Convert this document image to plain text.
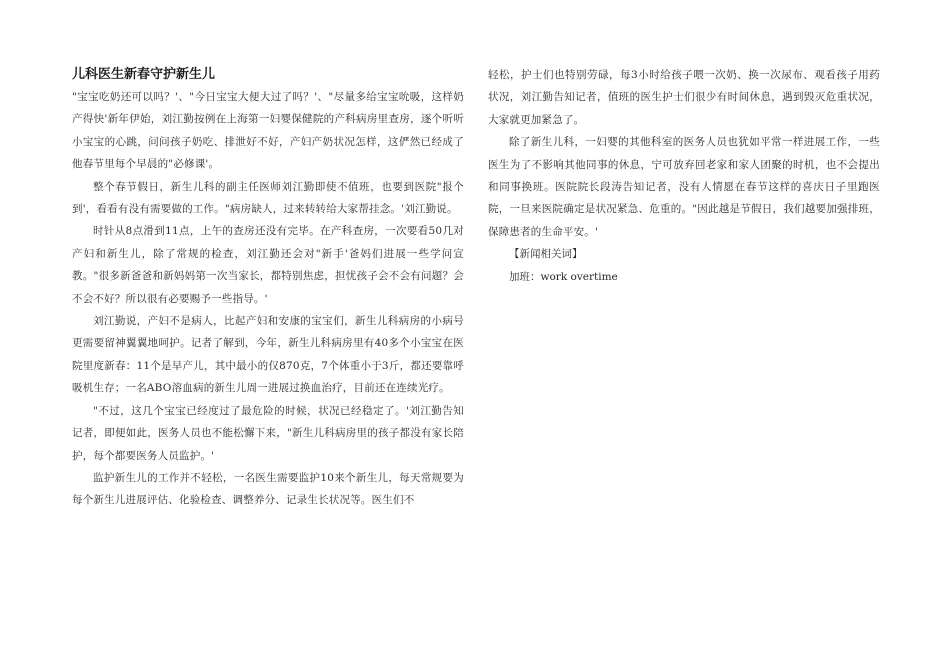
儿科医生新春守护新生儿

"宝宝吃奶还可以吗？'、"今日宝宝大便大过了吗？'、"尽量多给宝宝吮吸，这样奶产得快'新年伊始，刘江勤按例在上海第一妇婴保健院的产科病房里查房，逐个听听小宝宝的心跳，问问孩子奶吃、排泄好不好，产妇产奶状况怎样，这俨然已经成了他春节里每个早晨的"必修课'。

整个春节假日，新生儿科的副主任医师刘江勤即使不值班，也要到医院"报个到'，看看有没有需要做的工作。"病房缺人，过来转转给大家帮挂念。'刘江勤说。

时针从8点滑到11点，上午的查房还没有完毕。在产科查房，一次要看50几对产妇和新生儿，除了常规的检查，刘江勤还会对"新手'爸妈们进展一些学问宣教。"很多新爸爸和新妈妈第一次当家长，都特别焦虑，担忧孩子会不会有问题？会不会不好？所以很有必要赐予一些指导。'

刘江勤说，产妇不是病人，比起产妇和安康的宝宝们，新生儿科病房的小病号更需要留神翼翼地呵护。记者了解到，今年，新生儿科病房里有40多个小宝宝在医院里度新春：11个是早产儿，其中最小的仅870克，7个体重小于3斤，都还要靠呼吸机生存；一名ABO溶血病的新生儿周一进展过换血治疗，目前还在连续光疗。

"不过，这几个宝宝已经度过了最危险的时候，状况已经稳定了。'刘江勤告知记者，即便如此，医务人员也不能松懈下来，"新生儿科病房里的孩子都没有家长陪护，每个都要医务人员监护。'

监护新生儿的工作并不轻松，一名医生需要监护10来个新生儿，每天常规要为每个新生儿进展评估、化验检查、调整养分、记录生长状况等。医生们不

轻松，护士们也特别劳碌，每3小时给孩子喂一次奶、换一次尿布、观看孩子用药状况，刘江勤告知记者，值班的医生护士们很少有时间休息，遇到毁灭危重状况，大家就更加紧急了。

除了新生儿科，一妇婴的其他科室的医务人员也犹如平常一样进展工作，一些医生为了不影响其他同事的休息，宁可放弃回老家和家人团聚的时机，也不会提出和同事换班。医院院长段涛告知记者，没有人情愿在春节这样的喜庆日子里跑医院，一旦来医院确定是状况紧急、危重的。"因此越是节假日，我们越要加强排班，保障患者的生命平安。'

【新闻相关词】

加班：work overtime
